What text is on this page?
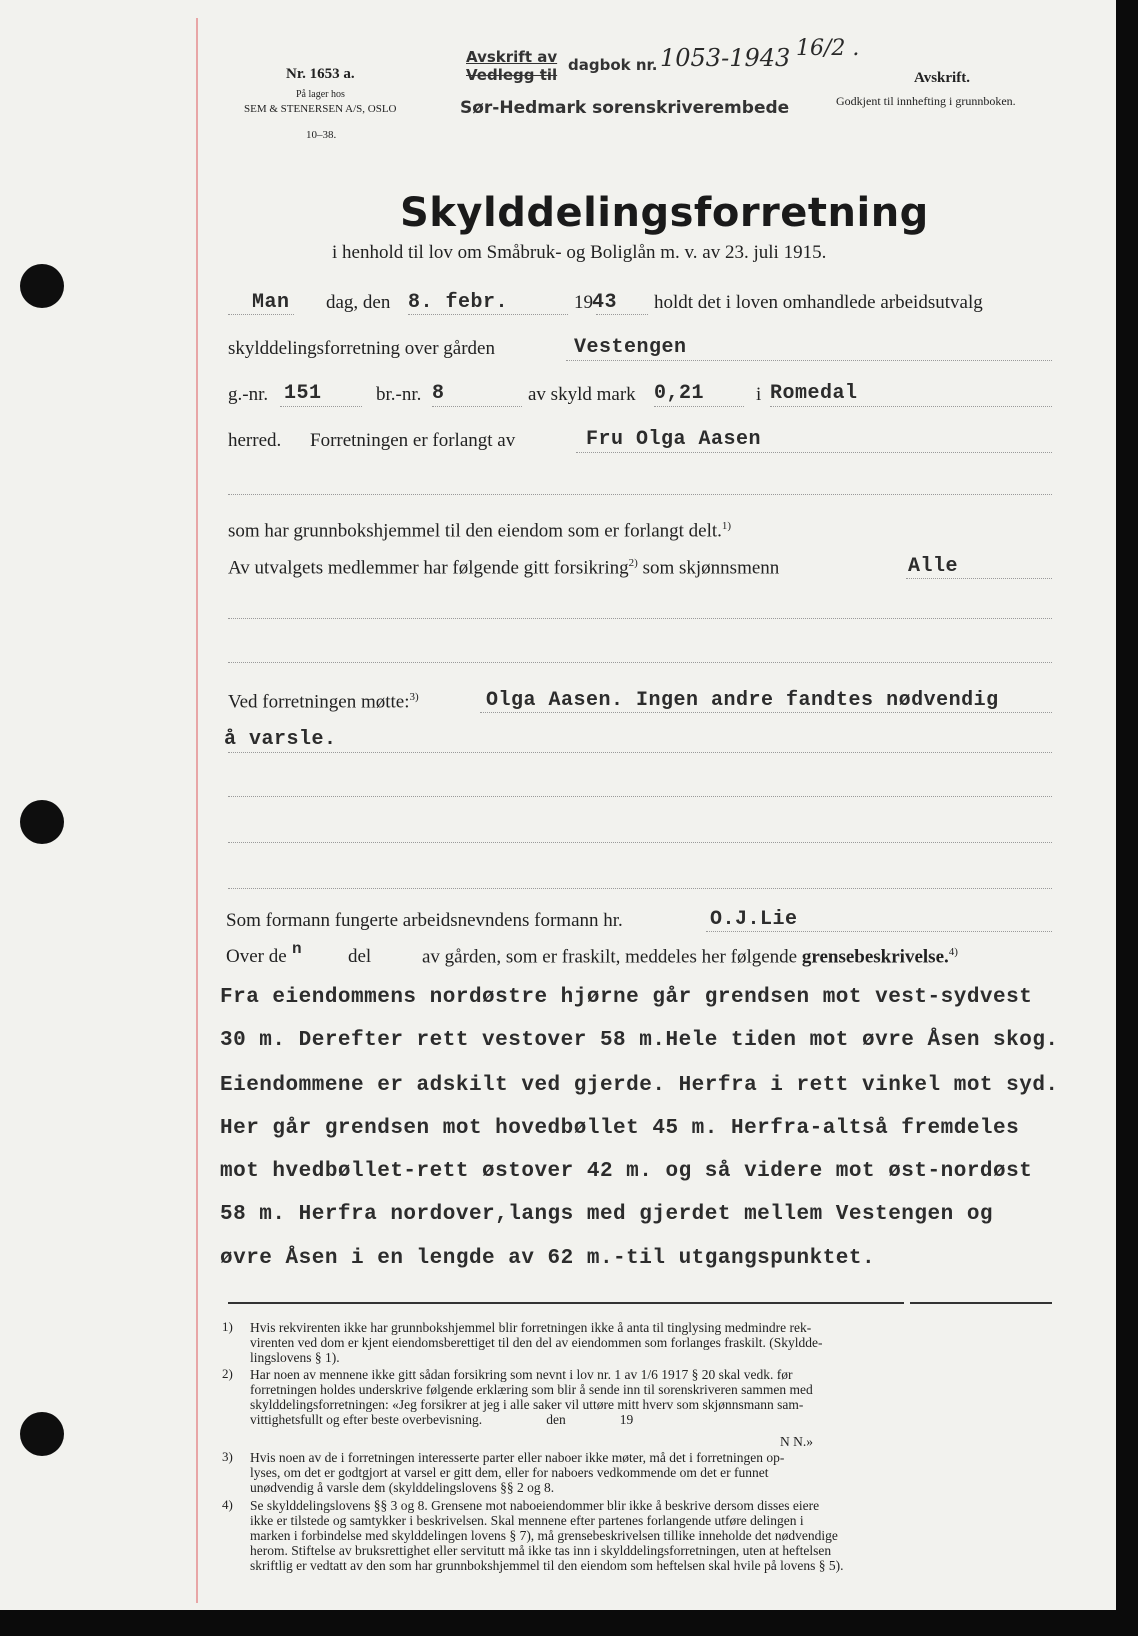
Nr. 1653 a.
På lager hos
SEM & STENERSEN A/S, OSLO
10–38.
Avskrift av
Vedlegg til
dagbok nr. 1053-1943 16/2 .
Sør-Hedmark sorenskriverembede
Avskrift.
Godkjent til innhefting i grunnboken.
Skylddelingsforretning
i henhold til lov om Småbruk- og Boliglån m. v. av 23. juli 1915.
Man dag, den 8. febr.	19 43 holdt det i loven omhandlede arbeidsutvalg
skylddelingsforretning over gården	Vestengen
g.-nr. 151	br.-nr. 8	av skyld mark 0,21	i Romedal
herred. Forretningen er forlangt av	Fru Olga Aasen
som har grunnbokshjemmel til den eiendom som er forlangt delt.$^{1)}$
Av utvalgets medlemmer har følgende gitt forsikring$^{2)}$ som skjønnsmenn	Alle
Ved forretningen møtte:$^{3)}$	Olga Aasen. Ingen andre fandtes nødvendig
å varsle.
Som formann fungerte arbeidsnevndens formann hr.	O.J.Lie
Over de n del	av gården, som er fraskilt, meddeles her følgende grensebeskrivelse.$^{4)}$
Fra eiendommens nordøstre hjørne går grendsen mot vest-sydvest
30 m. Derefter rett vestover 58 m.Hele tiden mot øvre Åsen skog.
Eiendommene er adskilt ved gjerde. Herfra i rett vinkel mot syd.
Her går grendsen mot hovedbøllet 45 m. Herfra-altså fremdeles
mot hvedbøllet-rett østover 42 m. og så videre mot øst-nordøst
58 m. Herfra nordover,langs med gjerdet mellem Vestengen og
øvre Åsen i en lengde av 62 m.-til utgangspunktet.
1) Hvis rekvirenten ikke har grunnbokshjemmel blir forretningen ikke å anta til tinglysing medmindre rek-
virenten ved dom er kjent eiendomsberettiget til den del av eiendommen som forlanges fraskilt. (Skyldde-
lingslovens § 1).
2) Har noen av mennene ikke gitt sådan forsikring som nevnt i lov nr. 1 av 1/6 1917 § 20 skal vedk. før
forretningen holdes underskrive følgende erklæring som blir å sende inn til sorenskriveren sammen med
skylddelingsforretningen: «Jeg forsikrer at jeg i alle saker vil uttøre mitt hverv som skjønnsmann sam-
vittighetsfullt og efter beste overbevisning.                   den                19
N N.»
3) Hvis noen av de i forretningen interesserte parter eller naboer ikke møter, må det i forretningen op-
lyses, om det er godtgjort at varsel er gitt dem, eller for naboers vedkommende om det er funnet
unødvendig å varsle dem (skylddelingslovens §§ 2 og 8.
4) Se skylddelingslovens §§ 3 og 8. Grensene mot naboeiendommer blir ikke å beskrive dersom disses eiere
ikke er tilstede og samtykker i beskrivelsen. Skal mennene efter partenes forlangende utføre delingen i
marken i forbindelse med skylddelingen lovens § 7), må grensebeskrivelsen tillike inneholde det nødvendige
herom. Stiftelse av bruksrettighet eller servitutt må ikke tas inn i skylddelingsforretningen, uten at heftelsen
skriftlig er vedtatt av den som har grunnbokshjemmel til den eiendom som heftelsen skal hvile på lovens § 5).
